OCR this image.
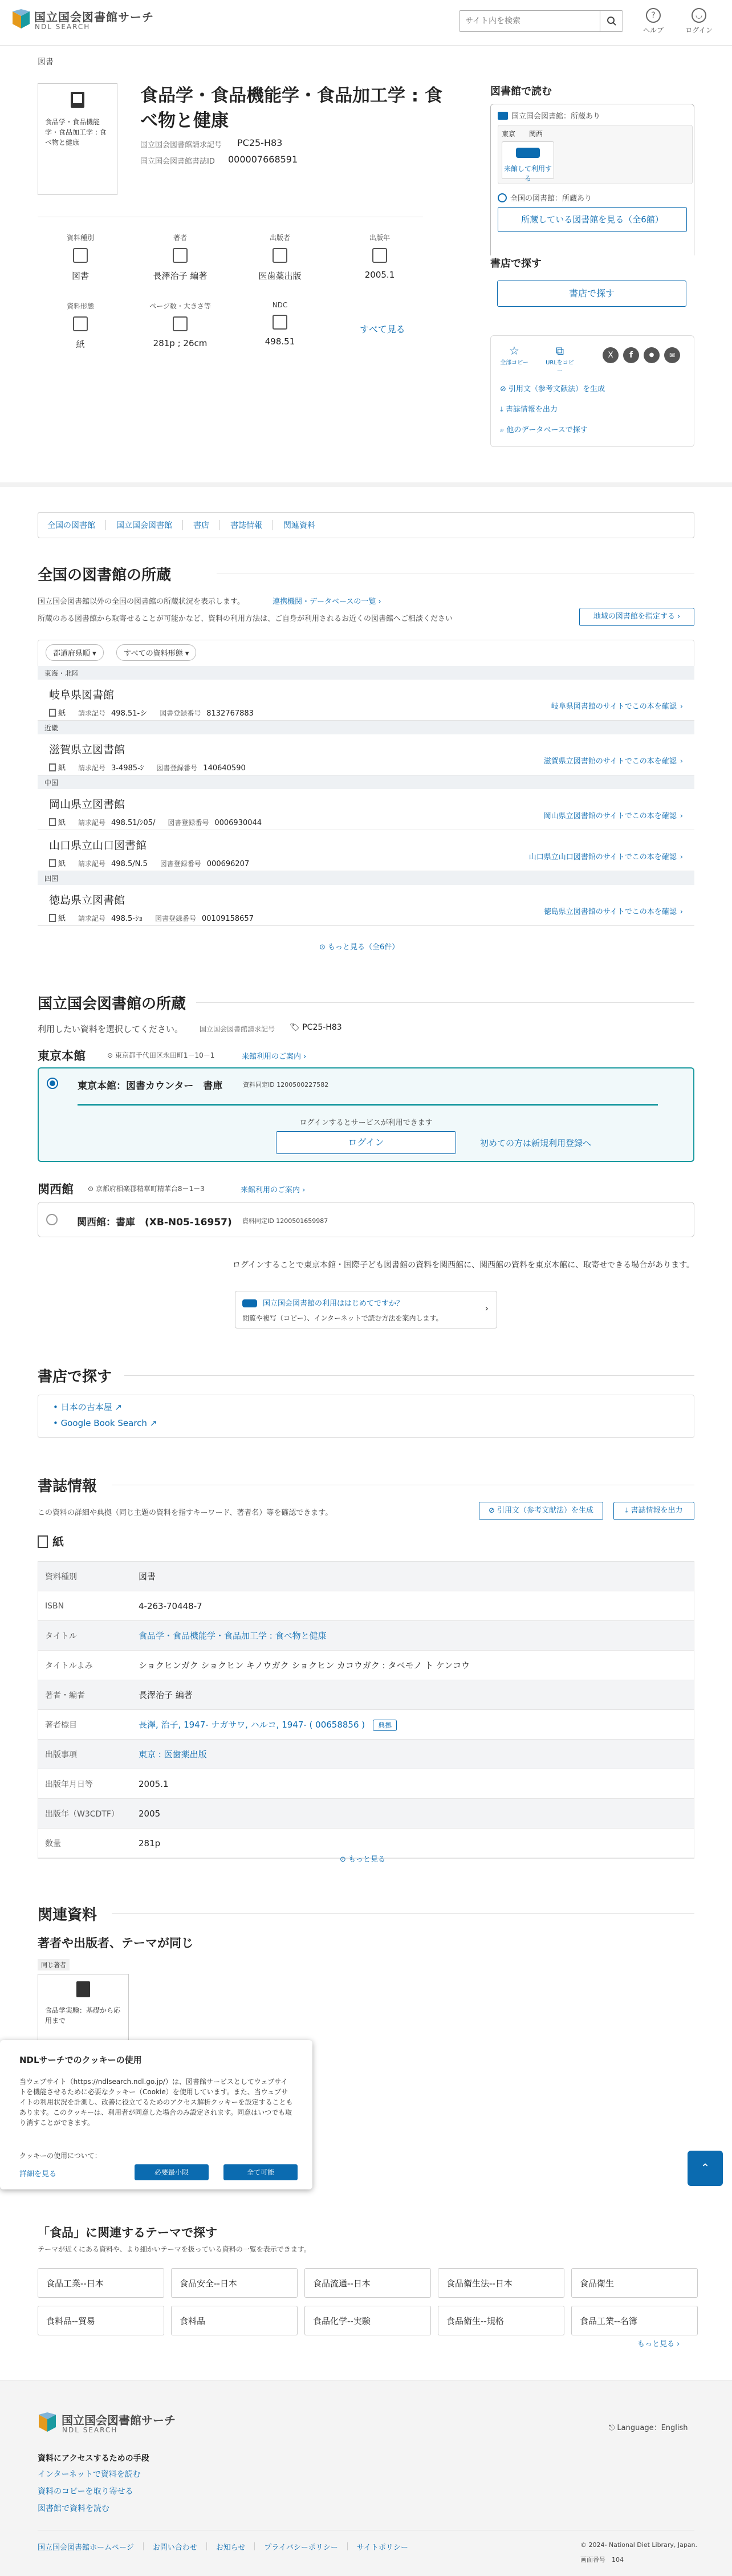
国立国会図書館サーチ
NDL SEARCH
サイト内を検索
?
ヘルプ
◡
ログイン
図書
食品学・食品機能学・食品加工学 : 食べ物と健康
食品学・食品機能学・食品加工学 : 食べ物と健康
国立国会図書館請求記号 PC25-H83
国立国会図書館書誌ID 000007668591
資料種別
図書
著者
長澤治子 編著
出版者
医歯薬出版
出版年
2005.1
資料形態
紙
ページ数・大きさ等
281p ; 26cm
NDC
498.51
すべて見る
図書館で読む
国立国会図書館：所蔵あり
東京 関西
来館して利用する
全国の図書館：所蔵あり
所蔵している図書館を見る（全6館）
書店で探す
書店で探す
☆
全部コピー
⧉
URLをコピー
X	f	●	✉
⊘ 引用文（参考文献法）を生成
⤓ 書誌情報を出力
⌕ 他のデータベースで探す
全国の図書館	国立国会図書館	書店	書誌情報	関連資料
全国の図書館の所蔵
国立国会図書館以外の全国の図書館の所蔵状況を表示します。	連携機関・データベースの一覧 ›
所蔵のある図書館から取寄せることが可能かなど、資料の利用方法は、ご自身が利用されるお近くの図書館へご相談ください	地域の図書館を指定する ›
都道府県順 ▾	すべての資料形態 ▾
東海・北陸
岐阜県図書館
紙 請求記号 498.51-シ 図書登録番号 8132767883
岐阜県図書館のサイトでこの本を確認 ›
近畿
滋賀県立図書館
紙 請求記号 3-4985-ｼ 図書登録番号 140640590
滋賀県立図書館のサイトでこの本を確認 ›
中国
岡山県立図書館
紙 請求記号 498.51/ｼ05/ 図書登録番号 0006930044
岡山県立図書館のサイトでこの本を確認 ›
山口県立山口図書館
紙 請求記号 498.5/N.5 図書登録番号 000696207
山口県立山口図書館のサイトでこの本を確認 ›
四国
徳島県立図書館
紙 請求記号 498.5-ｼｮ 図書登録番号 00109158657
徳島県立図書館のサイトでこの本を確認 ›
⊙ もっと見る（全6件）
国立国会図書館の所蔵
利用したい資料を選択してください。 国立国会図書館請求記号 🏷 PC25-H83
東京本館	⊙ 東京都千代田区永田町1－10－1	来館利用のご案内 ›
東京本館：図書カウンター　書庫	資料同定ID 1200500227582
ログインするとサービスが利用できます
ログイン	初めての方は新規利用登録へ
関西館 ⊙ 京都府相楽郡精華町精華台8－1－3	来館利用のご案内 ›
関西館：書庫　(XB-N05-16957) 資料同定ID 1200501659987
ログインすることで東京本館・国際子ども図書館の資料を関西館に、関西館の資料を東京本館に、取寄せできる場合があります。
国立国会図書館の利用ははじめてですか？
閲覧や複写（コピー）、インターネットで読む方法を案内します。
›
書店で探す
• 日本の古本屋 ↗
• Google Book Search ↗
書誌情報
この資料の詳細や典拠（同じ主題の資料を指すキーワード、著者名）等を確認できます。	⊘ 引用文（参考文献法）を生成	⤓ 書誌情報を出力
紙
資料種別	図書
ISBN	4-263-70448-7
タイトル	食品学・食品機能学・食品加工学 : 食べ物と健康
タイトルよみ	ショクヒンガク ショクヒン キノウガク ショクヒン カコウガク : タベモノ ト ケンコウ
著者・編者	長澤治子 編著
著者標目	長澤, 治子, 1947- ナガサワ, ハルコ, 1947- ( 00658856 ) 典拠
出版事項	東京 : 医歯薬出版
出版年月日等	2005.1
出版年（W3CDTF）	2005
数量	281p
⊙ もっと見る
関連資料
著者や出版者、テーマが同じ
同じ著者
食品学実験：基礎から応用まで
NDLサーチでのクッキーの使用
当ウェブサイト（https://ndlsearch.ndl.go.jp/）は、図書館サービスとしてウェブサイトを機能させるために必要なクッキー（Cookie）を使用しています。また、当ウェブサイトの利用状況を計測し、改善に役立てるためのアクセス解析クッキーを設定することもあります。このクッキーは、利用者が同意した場合のみ設定されます。同意はいつでも取り消すことができます。
クッキーの使用について：
詳細を見る	必要最小限	全て可能	⌃
「食品」に関連するテーマで探す
テーマが近くにある資料や、より細かいテーマを扱っている資料の一覧を表示できます。
食品工業--日本	食品安全--日本	食品流通--日本	食品衛生法--日本	食品衛生
食料品--貿易	食料品	食品化学--実験	食品衛生--規格	食品工業--名簿
もっと見る ›
国立国会図書館サーチ
NDL SEARCH	⎋ Language：English
資料にアクセスするための手段
インターネットで資料を読む
資料のコピーを取り寄せる
図書館で資料を読む
国立国会図書館ホームページ	お問い合わせ	お知らせ	プライバシーポリシー	サイトポリシー	© 2024- National Diet Library, Japan.
画面番号　 104
